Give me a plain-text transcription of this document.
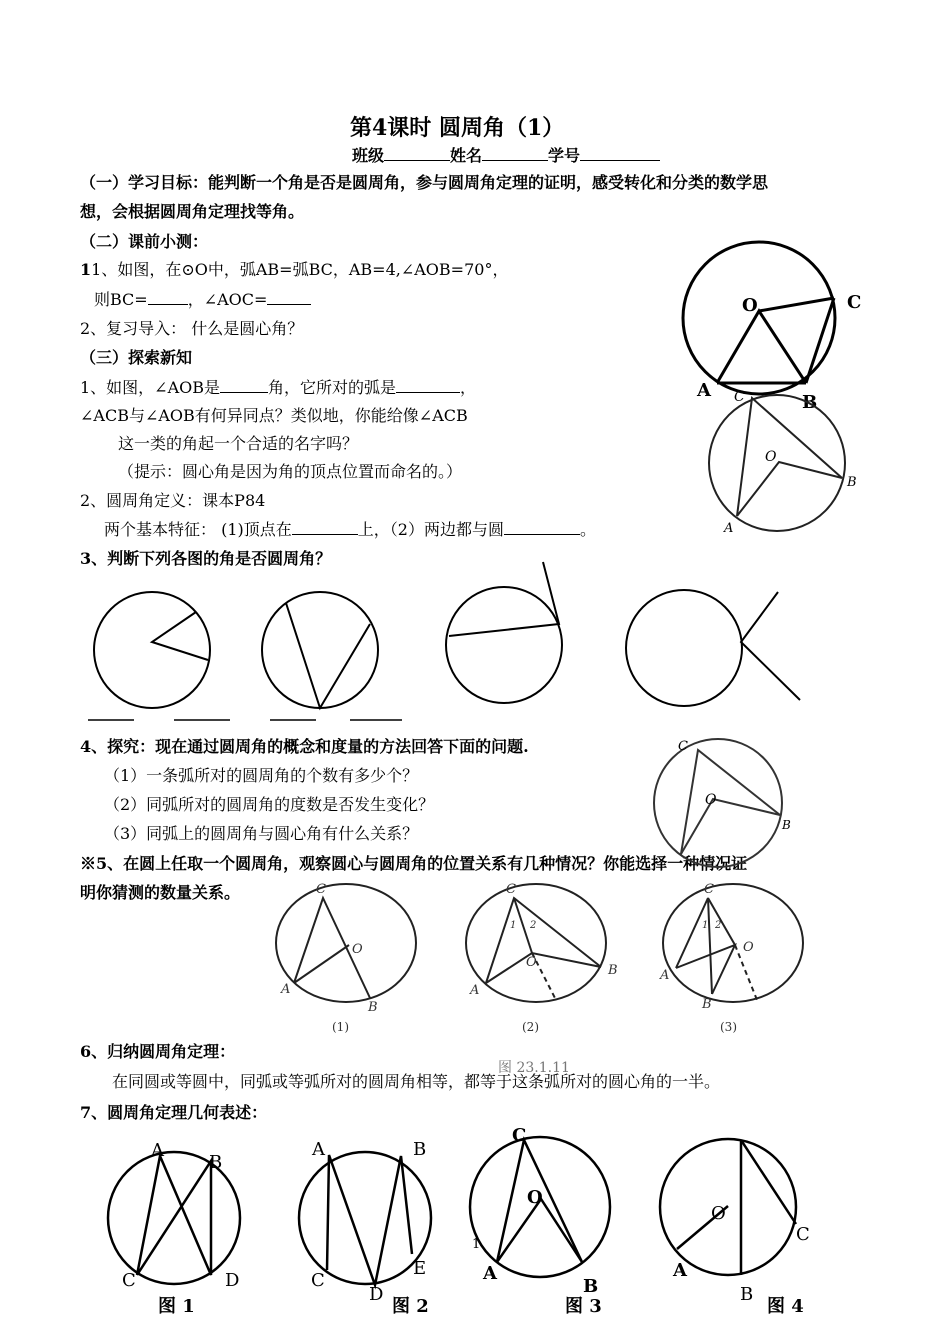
第4课时 圆周角（1）
班级	姓名	学号
（一）学习目标：能判断一个角是否是圆周角，参与圆周角定理的证明，感受转化和分类的数学思
想，会根据圆周角定理找等角。
（二）课前小测：
11、如图，在⊙O中，弧AB=弧BC，AB=4,∠AOB=70°，
则BC=	，∠AOC=
2、复习导入： 什么是圆心角？
（三）探索新知
1、如图，∠AOB是	角，它所对的弧是	，
∠ACB与∠AOB有何异同点？类似地，你能给像∠ACB
这一类的角起一个合适的名字吗？
（提示：圆心角是因为角的顶点位置而命名的。）
2、圆周角定义：课本P84
两个基本特征： (1)顶点在	上，（2）两边都与圆	。
3、判断下列各图的角是否圆周角？
4、探究：现在通过圆周角的概念和度量的方法回答下面的问题.
（1）一条弧所对的圆周角的个数有多少个？
（2）同弧所对的圆周角的度数是否发生变化？
（3）同弧上的圆周角与圆心角有什么关系？
※5、在圆上任取一个圆周角，观察圆心与圆周角的位置关系有几种情况？你能选择一种情况证
明你猜测的数量关系。
6、归纳圆周角定理：
在同圆或等圆中，同弧或等弧所对的圆周角相等，都等于这条弧所对的圆心角的一半。
7、圆周角定理几何表述：
O	C
A
B
C
O
B
A
C
O
B
C
O
A
B
C
O
A
B
1 2
C
O
A
B
1 2
(1)	(2)	(3)
图 23.1.11
A
B
C	D
A	B
C
D
E
C
O
A
B
O
C
A
B
1
图 1	图 2	图 3	图 4
